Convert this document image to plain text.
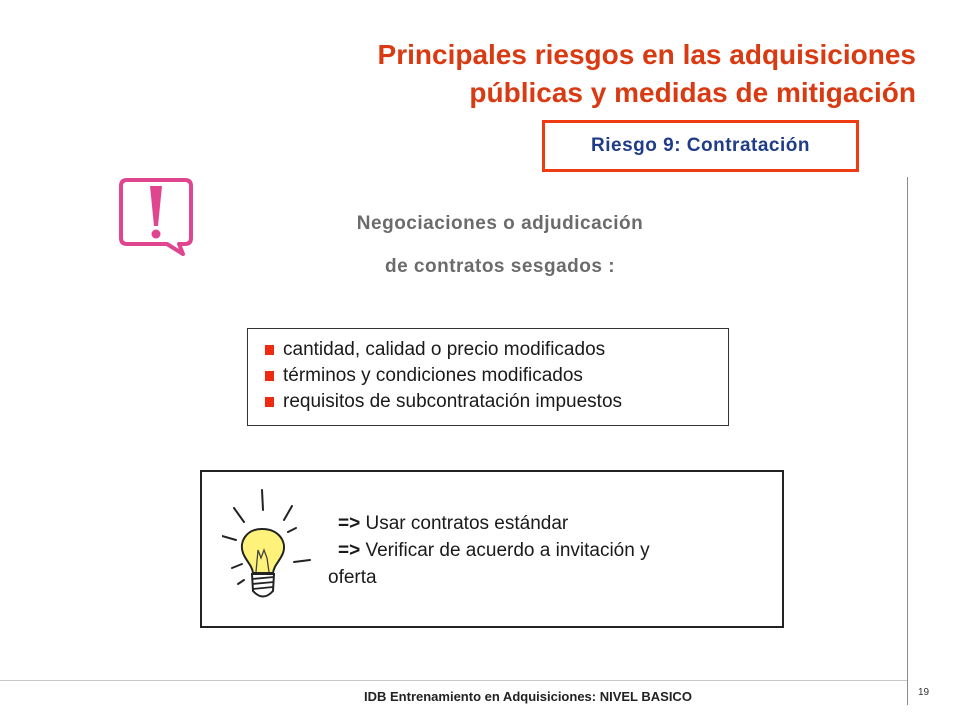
Principales riesgos en las adquisiciones
públicas y medidas de mitigación
Riesgo 9: Contratación
Negociaciones o adjudicación
de contratos sesgados :
cantidad, calidad o precio modificados
términos y condiciones modificados
requisitos de subcontratación impuestos
=> Usar contratos estándar
=> Verificar de acuerdo a invitación y
oferta
IDB Entrenamiento en Adquisiciones: NIVEL BASICO	19
